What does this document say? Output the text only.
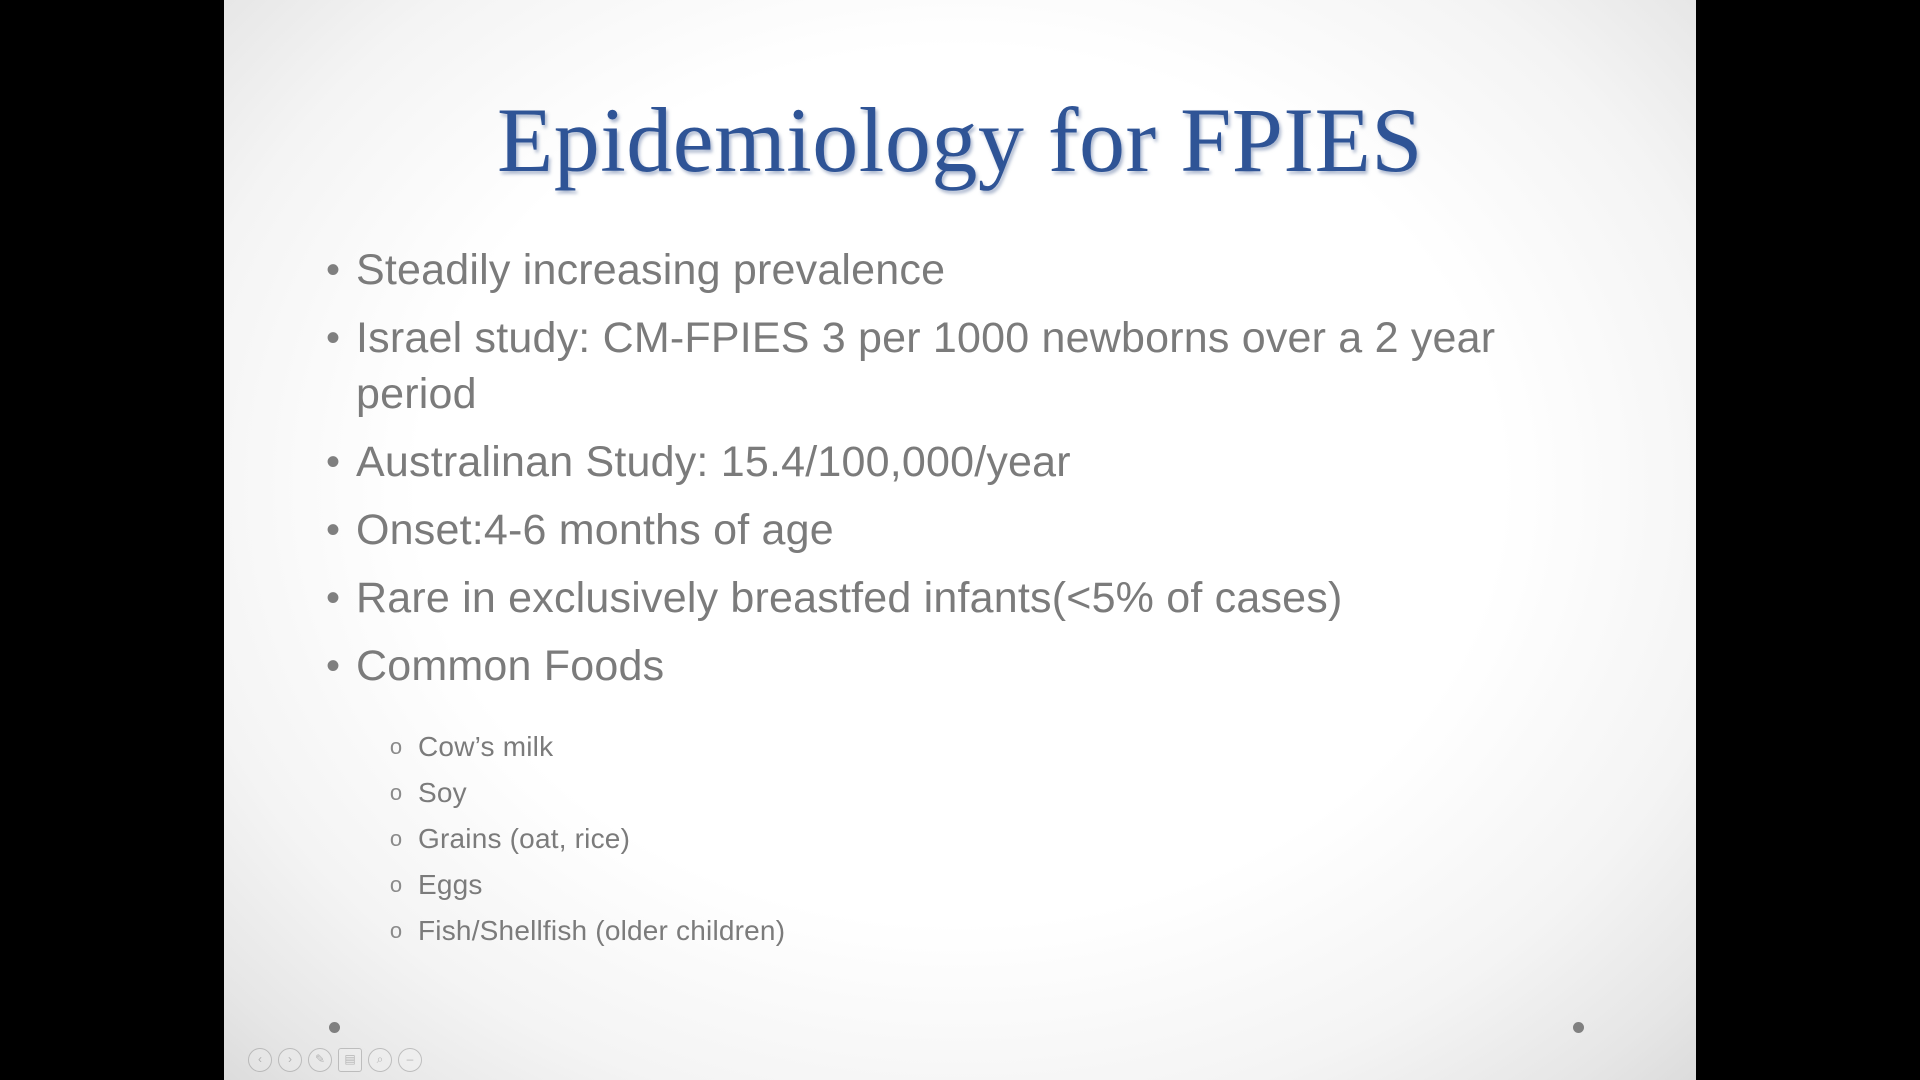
Epidemiology for FPIES
• Steadily increasing prevalence
• Israel study: CM-FPIES 3 per 1000 newborns over a 2 year period
• Australinan Study: 15.4/100,000/year
• Onset:4-6 months of age
• Rare in exclusively breastfed infants(<5% of cases)
• Common Foods
o Cow’s milk
o Soy
o Grains (oat, rice)
o Eggs
o Fish/Shellfish (older children)
‹	›	✎	▤	⌕	–
